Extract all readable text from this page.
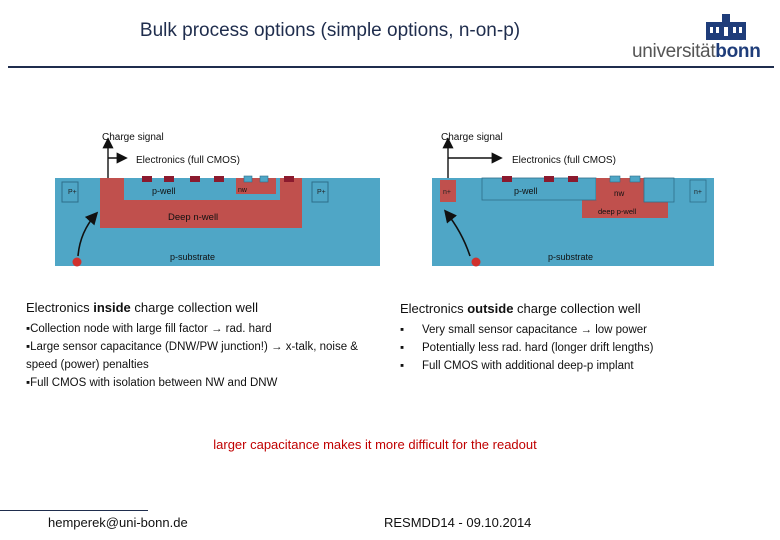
Bulk process options (simple options, n-on-p)
universitätbonn
P+	P+
p-well	nw
Deep n-well
p-substrate
Charge signal
Electronics (full CMOS)
n+	n+
p-well	nw
deep p-well
p-substrate
Charge signal
Electronics (full CMOS)
Electronics inside charge collection well
▪Collection node with large fill factor → rad. hard
▪Large sensor capacitance (DNW/PW junction!) → x-talk, noise & speed (power) penalties
▪Full CMOS with isolation between NW and DNW
Electronics outside charge collection well
▪	Very small sensor capacitance → low power
▪	Potentially less rad. hard (longer drift lengths)
▪	Full CMOS with additional deep-p implant
larger capacitance makes it more difficult for the readout
hemperek@uni-bonn.de	RESMDD14 - 09.10.2014
